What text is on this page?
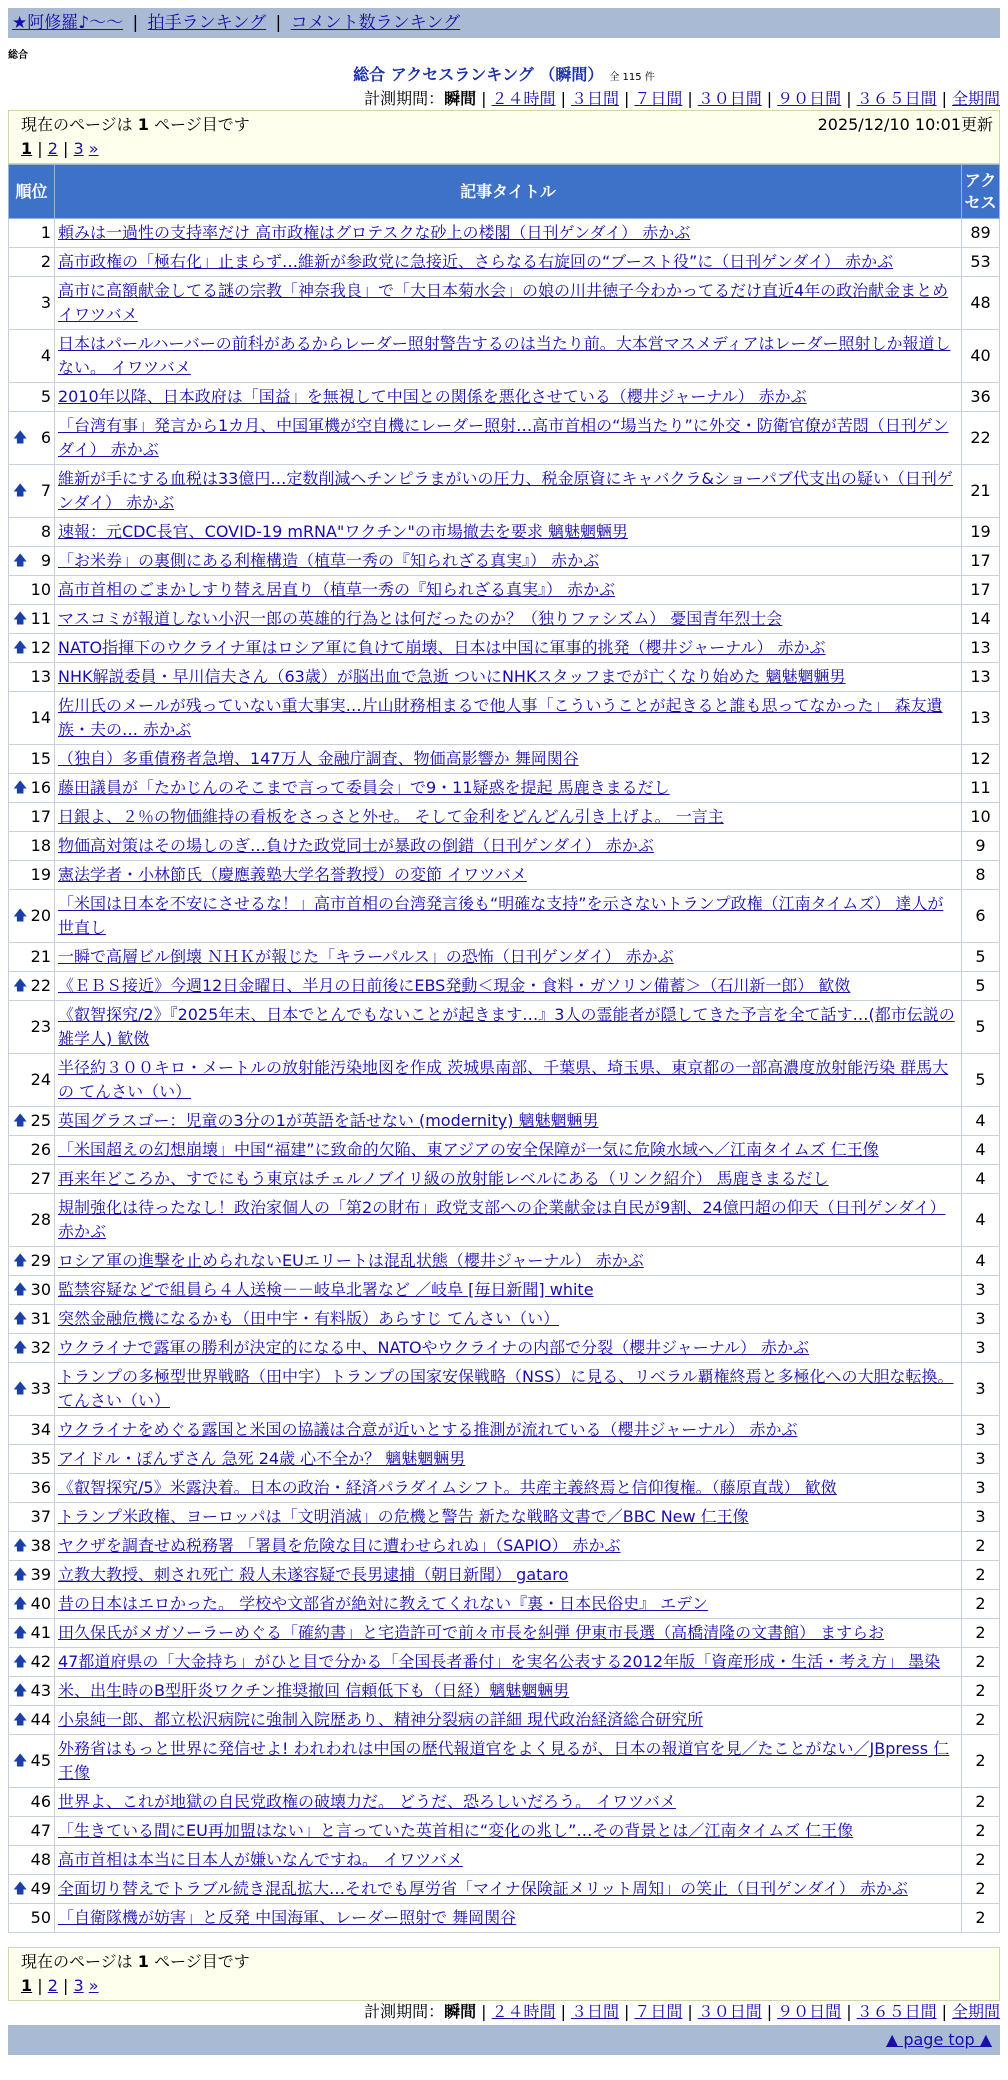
★阿修羅♪〜〜 | 拍手ランキング | コメント数ランキング
総合
総合 アクセスランキング （瞬間） 全 115 件
計測期間：瞬間 | ２４時間 | ３日間 | ７日間 | ３０日間 | ９０日間 | ３６５日間 | 全期間
現在のページは 1 ページ目です	2025/12/10 10:01更新
1 | 2 | 3 »
順位	記事タイトル	アクセス
1	頼みは一過性の支持率だけ 高市政権はグロテスクな砂上の楼閣（日刊ゲンダイ） 赤かぶ	89
2	高市政権の「極右化」止まらず…維新が参政党に急接近、さらなる右旋回の“ブースト役”に（日刊ゲンダイ） 赤かぶ	53
3	高市に高額献金してる謎の宗教「神奈我良」で「大日本菊水会」の娘の川井徳子今わかってるだけ直近4年の政治献金まとめ イワツバメ	48
4	日本はパールハーバーの前科があるからレーダー照射警告するのは当たり前。大本営マスメディアはレーダー照射しか報道しない。 イワツバメ	40
5	2010年以降、日本政府は「国益」を無視して中国との関係を悪化させている（櫻井ジャーナル） 赤かぶ	36

🡅 6	「台湾有事」発言から1カ月、中国軍機が空自機にレーダー照射…高市首相の“場当たり”に外交・防衛官僚が苦悶（日刊ゲンダイ） 赤かぶ	22

🡅 7	維新が手にする血税は33億円…定数削減ヘチンピラまがいの圧力、税金原資にキャバクラ&ショーパブ代支出の疑い（日刊ゲンダイ） 赤かぶ	21
8	速報：元CDC長官、COVID-19 mRNA"ワクチン"の市場撤去を要求 魑魅魍魎男	19

🡅 9	「お米券」の裏側にある利権構造（植草一秀の『知られざる真実』） 赤かぶ	17
10	高市首相のごまかしすり替え居直り（植草一秀の『知られざる真実』） 赤かぶ	17

🡅 11	マスコミが報道しない小沢一郎の英雄的行為とは何だったのか？（独りファシズム） 憂国青年烈士会	14

🡅 12	NATO指揮下のウクライナ軍はロシア軍に負けて崩壊、日本は中国に軍事的挑発（櫻井ジャーナル） 赤かぶ	13
13	NHK解説委員・早川信夫さん（63歳）が脳出血で急逝 ついにNHKスタッフまでが亡くなり始めた 魑魅魍魎男	13
14	佐川氏のメールが残っていない重大事実…片山財務相まるで他人事「こういうことが起きると誰も思ってなかった」 森友遺族・夫の… 赤かぶ	13
15	（独自）多重債務者急増、147万人 金融庁調査、物価高影響か 舞岡関谷	12

🡅 16	藤田議員が「たかじんのそこまで言って委員会」で9・11疑惑を提起 馬鹿きまるだし	11
17	日銀よ、２％の物価維持の看板をさっさと外せ。 そして金利をどんどん引き上げよ。 一言主	10
18	物価高対策はその場しのぎ…負けた政党同士が暴政の倒錯（日刊ゲンダイ） 赤かぶ	9
19	憲法学者・小林節氏（慶應義塾大学名誉教授）の変節 イワツバメ	8

🡅 20	「米国は日本を不安にさせるな！」高市首相の台湾発言後も“明確な支持”を示さないトランプ政権（江南タイムズ） 達人が世直し	6
21	一瞬で高層ビル倒壊 ＮＨＫが報じた「キラーパルス」の恐怖（日刊ゲンダイ） 赤かぶ	5

🡅 22	《ＥＢＳ接近》今週12日金曜日、半月の日前後にEBS発動＜現金・食料・ガソリン備蓄＞（石川新一郎） 歓傚	5
23	《叡智探究/2》『2025年末、日本でとんでもないことが起きます…』3人の霊能者が隠してきた予言を全て話す…(都市伝説の雑学人) 歓傚	5
24	半径約３００キロ・メートルの放射能汚染地図を作成 茨城県南部、千葉県、埼玉県、東京都の一部高濃度放射能汚染 群馬大の てんさい（い）	5

🡅 25	英国グラスゴー：児童の3分の1が英語を話せない (modernity) 魑魅魍魎男	4
26	「米国超えの幻想崩壊」中国“福建”に致命的欠陥、東アジアの安全保障が一気に危険水域へ／江南タイムズ 仁王像	4
27	再来年どころか、すでにもう東京はチェルノブイリ級の放射能レベルにある（リンク紹介） 馬鹿きまるだし	4
28	規制強化は待ったなし！政治家個人の「第2の財布」政党支部への企業献金は自民が9割、24億円超の仰天（日刊ゲンダイ） 赤かぶ	4

🡅 29	ロシア軍の進撃を止められないEUエリートは混乱状態（櫻井ジャーナル） 赤かぶ	4

🡅 30	監禁容疑などで組員ら４人送検－－岐阜北署など ／岐阜 [毎日新聞] white	3

🡅 31	突然金融危機になるかも（田中宇・有料版）あらすじ てんさい（い）	3

🡅 32	ウクライナで露軍の勝利が決定的になる中、NATOやウクライナの内部で分裂（櫻井ジャーナル） 赤かぶ	3

🡅 33	トランプの多極型世界戦略（田中宇）トランプの国家安保戦略（NSS）に見る、リベラル覇権終焉と多極化への大胆な転換。 てんさい（い）	3
34	ウクライナをめぐる露国と米国の協議は合意が近いとする推測が流れている（櫻井ジャーナル） 赤かぶ	3
35	アイドル・ぽんずさん 急死 24歳 心不全か？ 魑魅魍魎男	3
36	《叡智探究/5》米露決着。日本の政治・経済パラダイムシフト。共産主義終焉と信仰復権。（藤原直哉） 歓傚	3
37	トランプ米政権、ヨーロッパは「文明消滅」の危機と警告 新たな戦略文書で／BBC New 仁王像	3

🡅 38	ヤクザを調査せぬ税務署 「署員を危険な目に遭わせられぬ」（SAPIO） 赤かぶ	2

🡅 39	立教大教授、刺され死亡 殺人未遂容疑で長男逮捕（朝日新聞） gataro	2

🡅 40	昔の日本はエロかった。 学校や文部省が絶対に教えてくれない『裏・日本民俗史』 エデン	2

🡅 41	田久保氏がメガソーラーめぐる「確約書」と宅造許可で前々市長を糾弾 伊東市長選（高橋清隆の文書館） ますらお	2

🡅 42	47都道府県の「大金持ち」がひと目で分かる「全国長者番付」を実名公表する2012年版「資産形成・生活・考え方」 墨染	2

🡅 43	米、出生時のB型肝炎ワクチン推奨撤回 信頼低下も（日経）魑魅魍魎男	2

🡅 44	小泉純一郎、都立松沢病院に強制入院歴あり、精神分裂病の詳細 現代政治経済総合研究所	2

🡅 45	外務省はもっと世界に発信せよ! われわれは中国の歴代報道官をよく見るが、日本の報道官を見／たことがない／JBpress 仁王像	2
46	世界よ、これが地獄の自民党政権の破壊力だ。 どうだ、恐ろしいだろう。 イワツバメ	2
47	「生きている間にEU再加盟はない」と言っていた英首相に“変化の兆し”…その背景とは／江南タイムズ 仁王像	2
48	高市首相は本当に日本人が嫌いなんですね。 イワツバメ	2

🡅 49	全面切り替えでトラブル続き混乱拡大…それでも厚労省「マイナ保険証メリット周知」の笑止（日刊ゲンダイ） 赤かぶ	2
50	「自衛隊機が妨害」と反発 中国海軍、レーダー照射で 舞岡関谷	2
現在のページは 1 ページ目です
1 | 2 | 3 »
計測期間：瞬間 | ２４時間 | ３日間 | ７日間 | ３０日間 | ９０日間 | ３６５日間 | 全期間
▲ page top ▲
